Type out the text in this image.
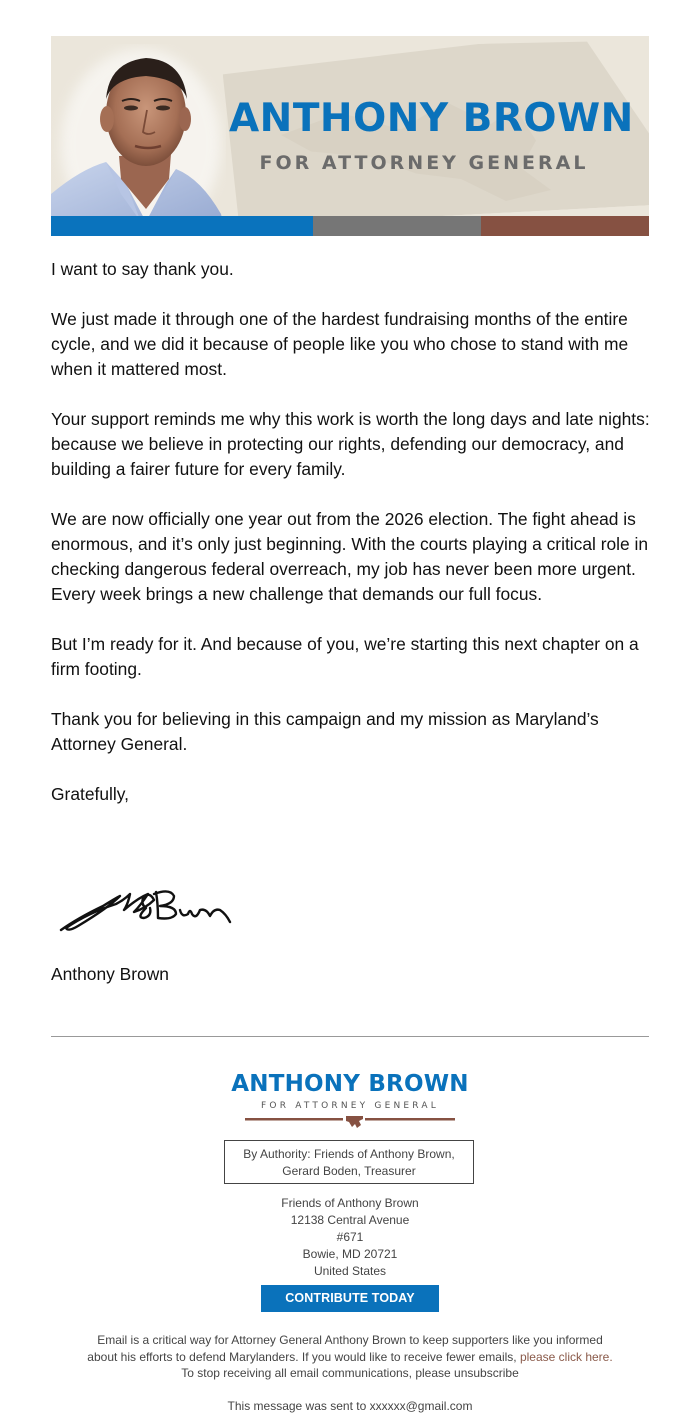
ANTHONY BROWN
FOR ATTORNEY GENERAL

I want to say thank you.

We just made it through one of the hardest fundraising months of the entire cycle, and we did it because of people like you who chose to stand with me when it mattered most.

Your support reminds me why this work is worth the long days and late nights: because we believe in protecting our rights, defending our democracy, and building a fairer future for every family.

We are now officially one year out from the 2026 election. The fight ahead is enormous, and it’s only just beginning. With the courts playing a critical role in checking dangerous federal overreach, my job has never been more urgent. Every week brings a new challenge that demands our full focus.

But I’m ready for it. And because of you, we’re starting this next chapter on a firm footing.

Thank you for believing in this campaign and my mission as Maryland’s Attorney General.

Gratefully,

Anthony Brown
ANTHONY BROWN
FOR ATTORNEY GENERAL
By Authority: Friends of Anthony Brown,
Gerard Boden, Treasurer
Friends of Anthony Brown
12138 Central Avenue
#671
Bowie, MD 20721
United States
CONTRIBUTE TODAY
Email is a critical way for Attorney General Anthony Brown to keep supporters like you informed
about his efforts to defend Marylanders. If you would like to receive fewer emails, please click here.
To stop receiving all email communications, please unsubscribe
This message was sent to xxxxxx@gmail.com
